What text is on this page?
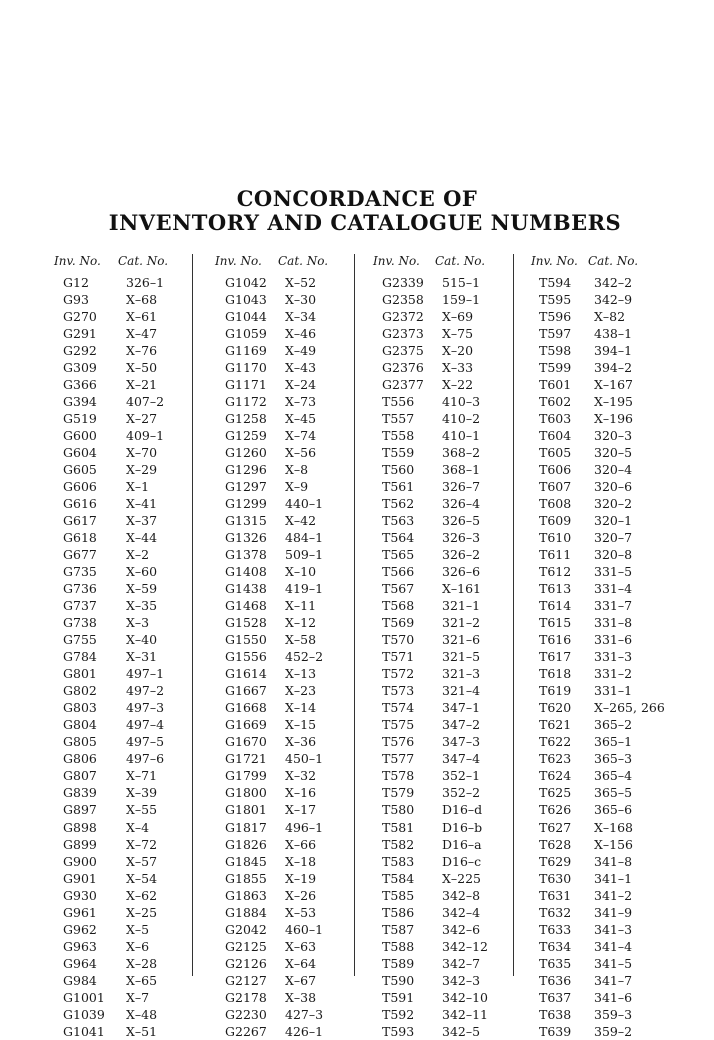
CONCORDANCE OF
INVENTORY AND CATALOGUE NUMBERS
Inv. No. Cat. No.
G12	326–1
G93	X–68
G270 X–61
G291 X–47
G292 X–76
G309 X–50
G366 X–21
G394 407–2
G519 X–27
G600 409–1
G604 X–70
G605 X–29
G606 X–1
G616 X–41
G617 X–37
G618 X–44
G677 X–2
G735 X–60
G736 X–59
G737 X–35
G738 X–3
G755 X–40
G784 X–31
G801 497–1
G802 497–2
G803 497–3
G804 497–4
G805 497–5
G806 497–6
G807 X–71
G839 X–39
G897 X–55
G898 X–4
G899 X–72
G900 X–57
G901 X–54
G930 X–62
G961 X–25
G962 X–5
G963 X–6
G964 X–28
G984 X–65
G1001 X–7
G1039 X–48
G1041 X–51
Inv. No. Cat. No.
G1042 X–52
G1043 X–30
G1044 X–34
G1059 X–46
G1169 X–49
G1170 X–43
G1171 X–24
G1172 X–73
G1258 X–45
G1259 X–74
G1260 X–56
G1296 X–8
G1297 X–9
G1299 440–1
G1315 X–42
G1326 484–1
G1378 509–1
G1408 X–10
G1438 419–1
G1468 X–11
G1528 X–12
G1550 X–58
G1556 452–2
G1614 X–13
G1667 X–23
G1668 X–14
G1669 X–15
G1670 X–36
G1721 450–1
G1799 X–32
G1800 X–16
G1801 X–17
G1817 496–1
G1826 X–66
G1845 X–18
G1855 X–19
G1863 X–26
G1884 X–53
G2042 460–1
G2125 X–63
G2126 X–64
G2127 X–67
G2178 X–38
G2230 427–3
G2267 426–1
Inv. No. Cat. No.
G2339 515–1
G2358 159–1
G2372 X–69
G2373 X–75
G2375 X–20
G2376 X–33
G2377 X–22
T556 410–3
T557 410–2
T558 410–1
T559 368–2
T560 368–1
T561 326–7
T562 326–4
T563 326–5
T564 326–3
T565 326–2
T566 326–6
T567 X–161
T568 321–1
T569 321–2
T570 321–6
T571 321–5
T572 321–3
T573 321–4
T574 347–1
T575 347–2
T576 347–3
T577 347–4
T578 352–1
T579 352–2
T580 D16–d
T581 D16–b
T582 D16–a
T583 D16–c
T584 X–225
T585 342–8
T586 342–4
T587 342–6
T588 342–12
T589 342–7
T590 342–3
T591 342–10
T592 342–11
T593 342–5
Inv. No. Cat. No.
T594 342–2
T595 342–9
T596 X–82
T597 438–1
T598 394–1
T599 394–2
T601 X–167
T602 X–195
T603 X–196
T604 320–3
T605 320–5
T606 320–4
T607 320–6
T608 320–2
T609 320–1
T610 320–7
T611 320–8
T612 331–5
T613 331–4
T614 331–7
T615 331–8
T616 331–6
T617 331–3
T618 331–2
T619 331–1
T620 X–265, 266
T621 365–2
T622 365–1
T623 365–3
T624 365–4
T625 365–5
T626 365–6
T627 X–168
T628 X–156
T629 341–8
T630 341–1
T631 341–2
T632 341–9
T633 341–3
T634 341–4
T635 341–5
T636 341–7
T637 341–6
T638 359–3
T639 359–2
